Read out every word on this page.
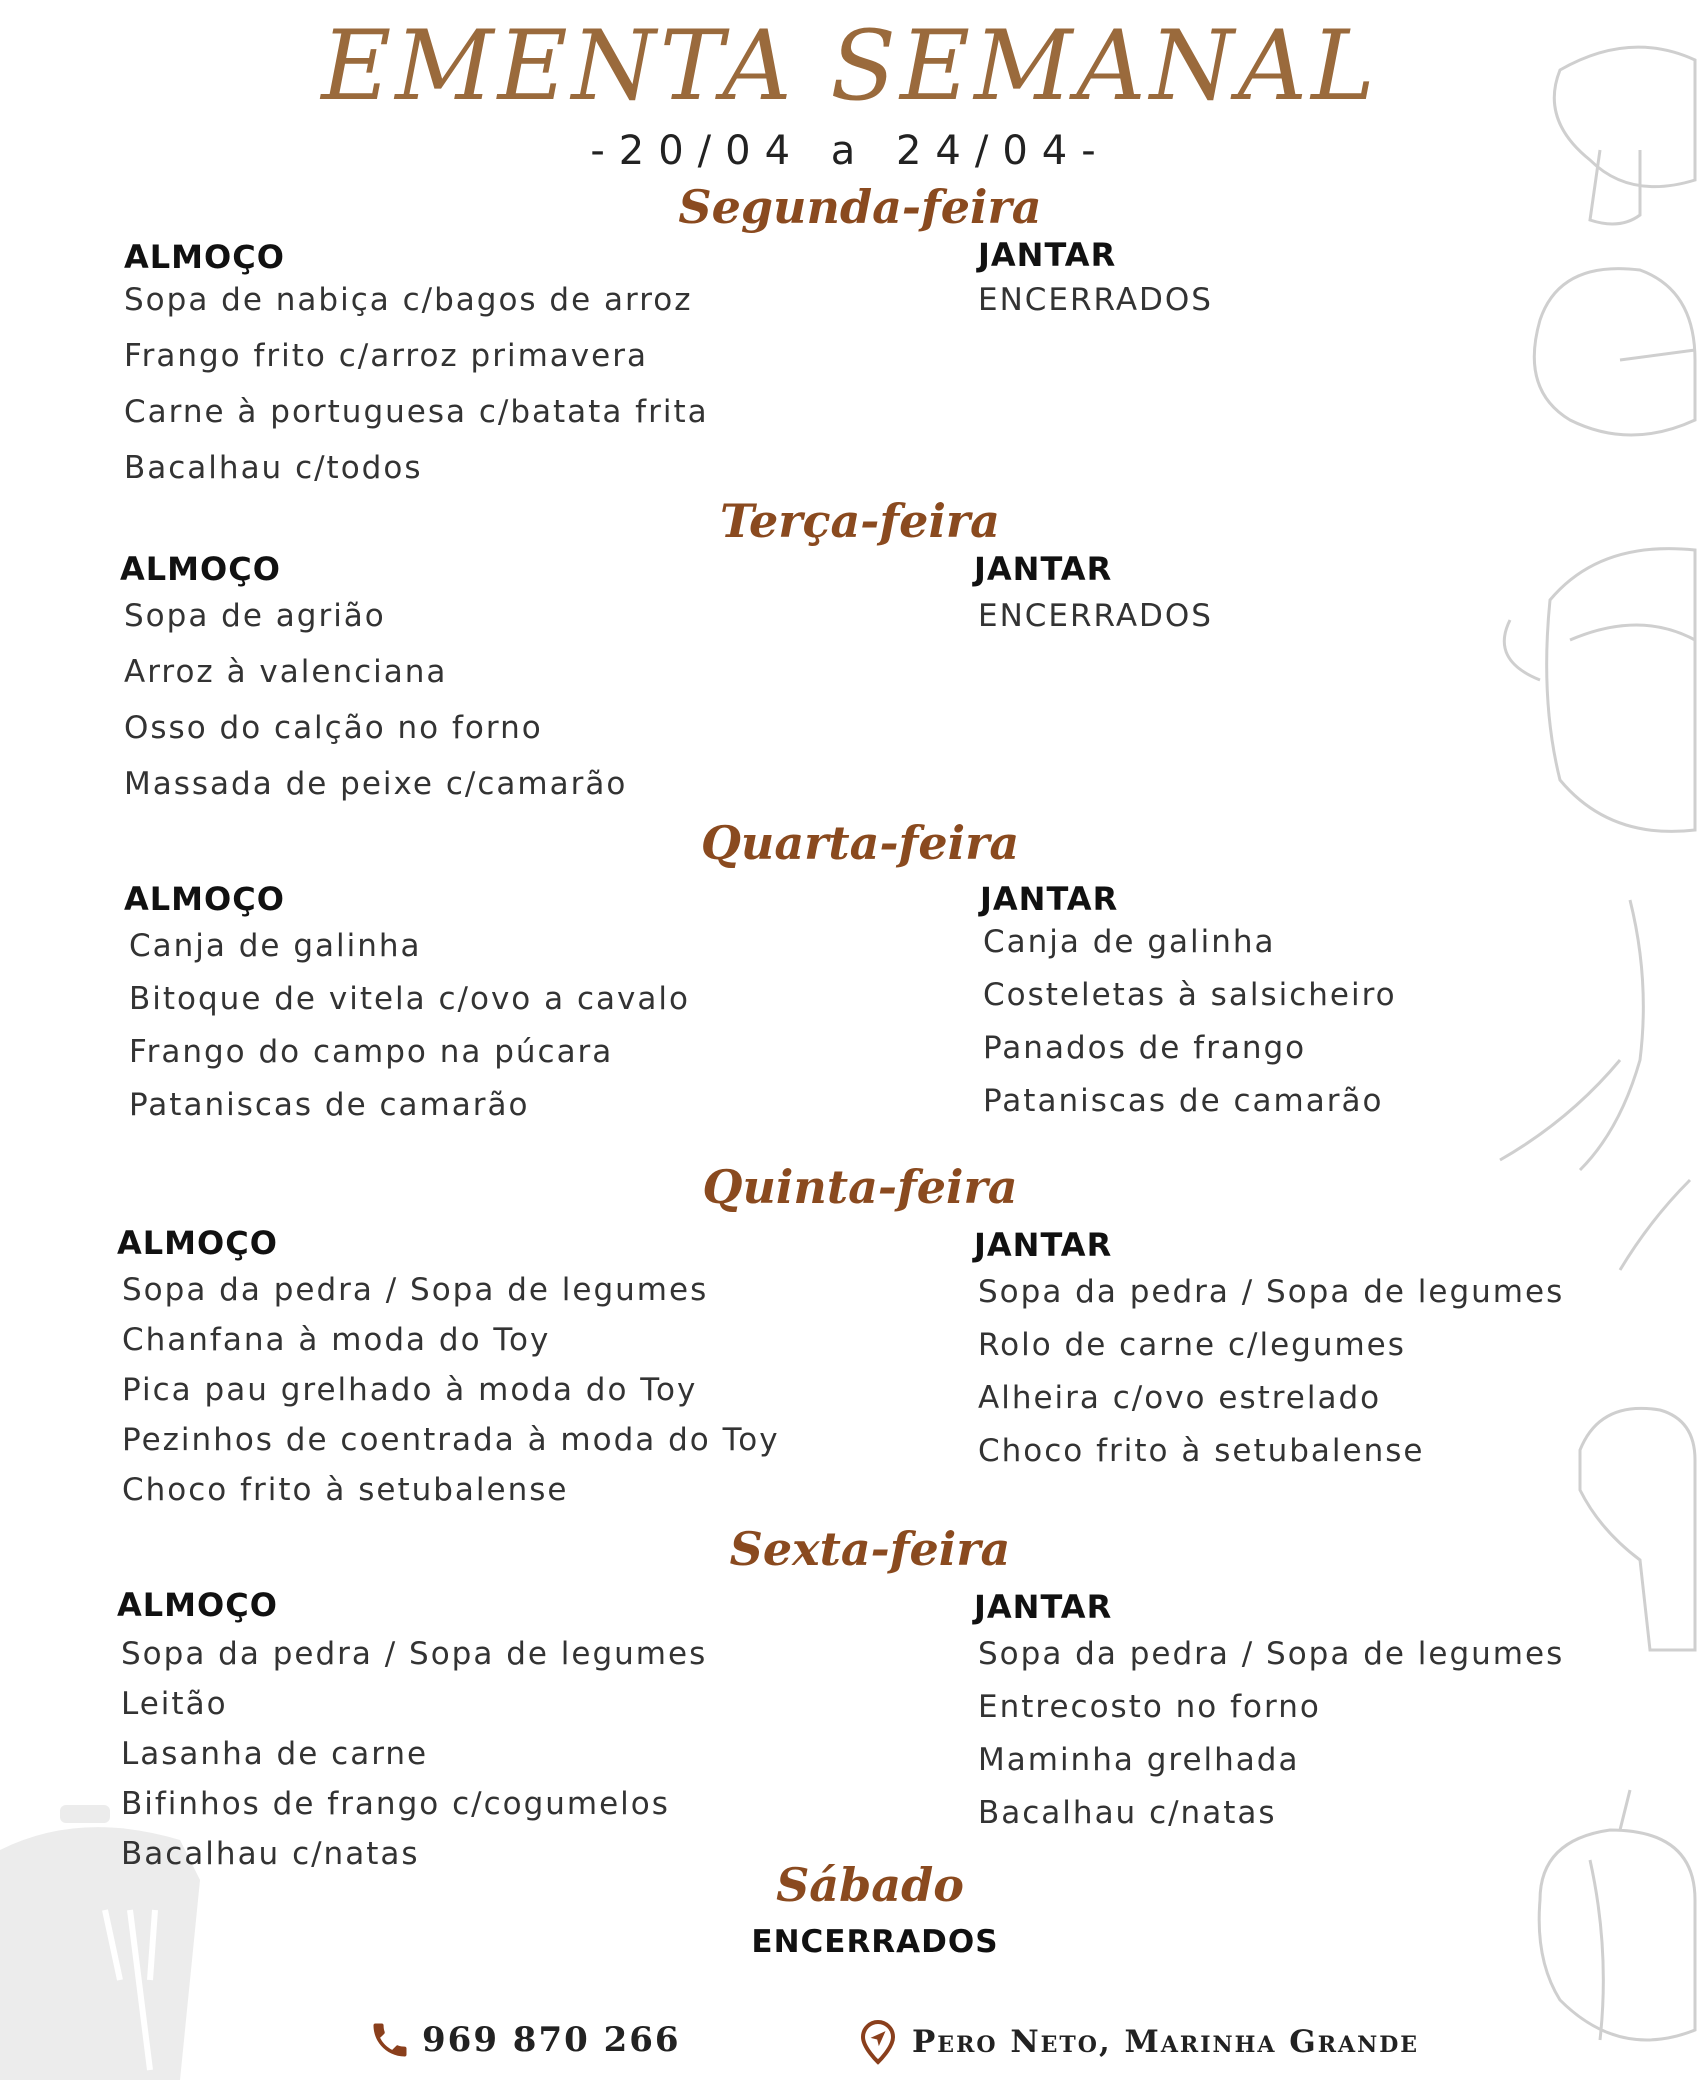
EMENTA SEMANAL
-20/04 a 24/04-
Segunda-feira
ALMOÇO
Sopa de nabiça c/bagos de arroz
Frango frito c/arroz primavera
Carne à portuguesa c/batata frita
Bacalhau c/todos
JANTAR
ENCERRADOS
Terça-feira
ALMOÇO
Sopa de agrião
Arroz à valenciana
Osso do calção no forno
Massada de peixe c/camarão
JANTAR
ENCERRADOS
Quarta-feira
ALMOÇO
Canja de galinha
Bitoque de vitela c/ovo a cavalo
Frango do campo na púcara
Pataniscas de camarão
JANTAR
Canja de galinha
Costeletas à salsicheiro
Panados de frango
Pataniscas de camarão
Quinta-feira
ALMOÇO
Sopa da pedra / Sopa de legumes
Chanfana à moda do Toy
Pica pau grelhado à moda do Toy
Pezinhos de coentrada à moda do Toy
Choco frito à setubalense
JANTAR
Sopa da pedra / Sopa de legumes
Rolo de carne c/legumes
Alheira c/ovo estrelado
Choco frito à setubalense
Sexta-feira
ALMOÇO
Sopa da pedra / Sopa de legumes
Leitão
Lasanha de carne
Bifinhos de frango c/cogumelos
Bacalhau c/natas
JANTAR
Sopa da pedra / Sopa de legumes
Entrecosto no forno
Maminha grelhada
Bacalhau c/natas
Sábado
ENCERRADOS
969 870 266	Pero Neto, Marinha Grande
